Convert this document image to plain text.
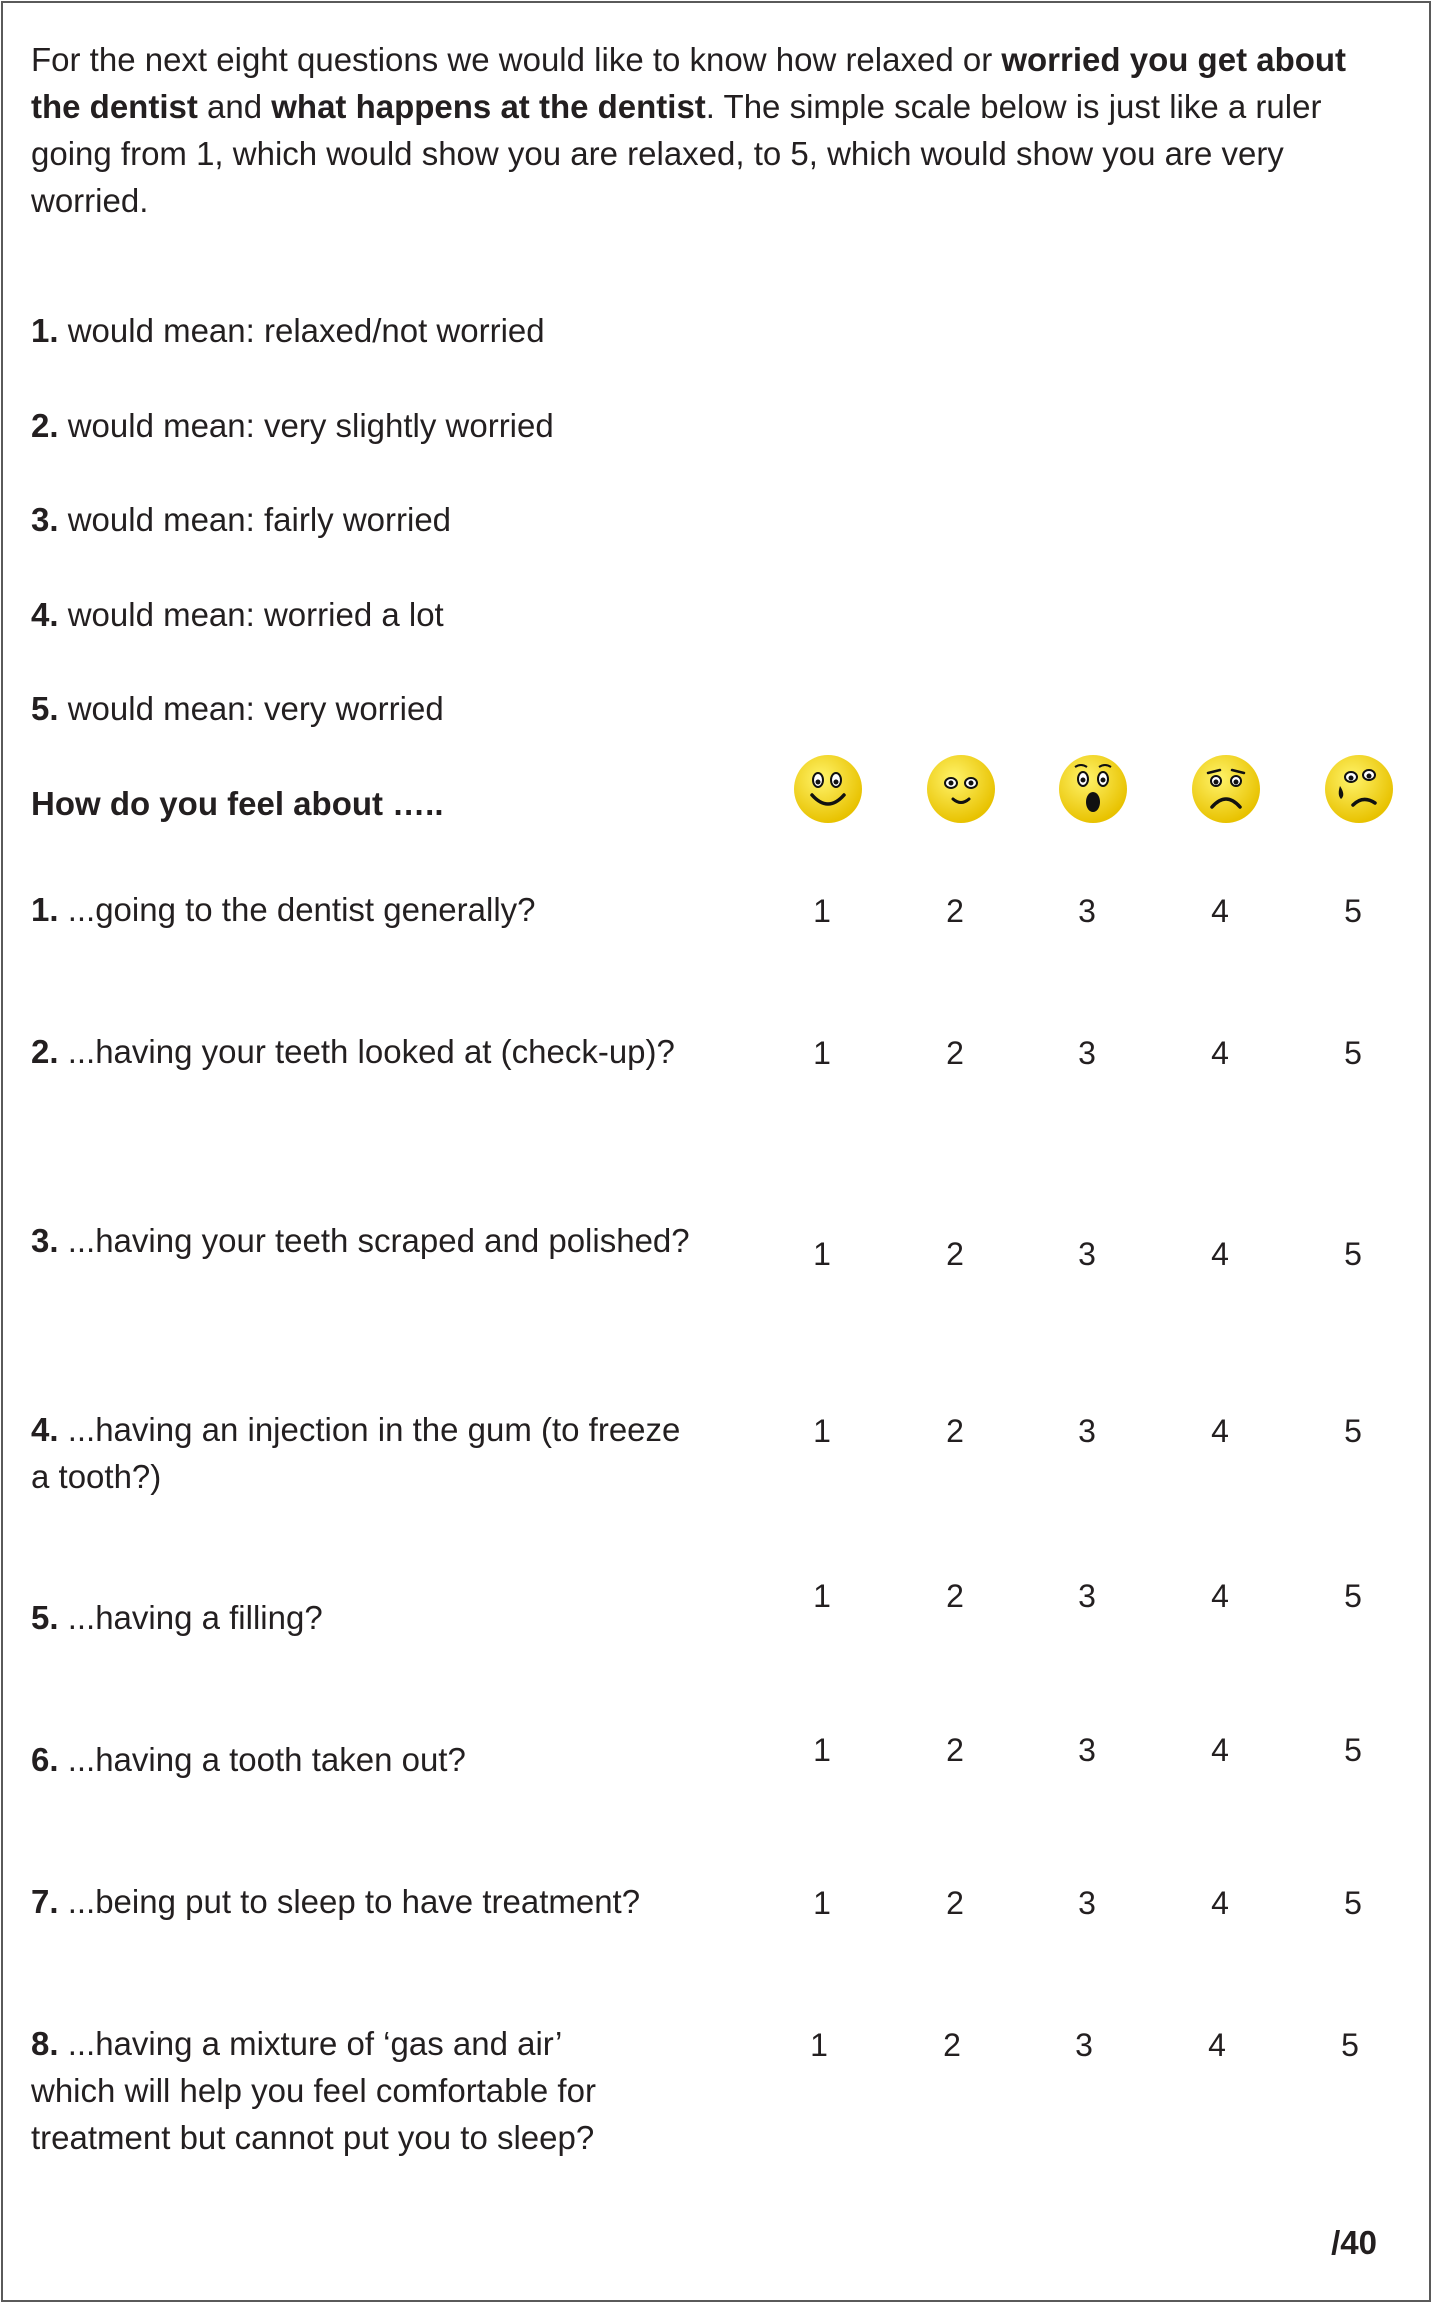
For the next eight questions we would like to know how relaxed or worried you get about the dentist and what happens at the dentist. The simple scale below is just like a ruler going from 1, which would show you are relaxed, to 5, which would show you are very worried.

1. would mean: relaxed/not worried

2. would mean: very slightly worried

3. would mean: fairly worried

4. would mean: worried a lot

5. would mean: very worried

How do you feel about …..

1. ...going to the dentist generally?	1	2	3	4	5

2. ...having your teeth looked at (check-up)?	1	2	3	4	5

3. ...having your teeth scraped and polished?	1	2	3	4	5

4. ...having an injection in the gum (to freeze a tooth?)

1	2	3	4	5

5. ...having a filling?

1	2	3	4	5

6. ...having a tooth taken out?	1	2	3	4	5

7. ...being put to sleep to have treatment?	1	2	3	4	5

8. ...having a mixture of ‘gas and air’ which will help you feel comfortable for treatment but cannot put you to sleep?

1	2	3	4	5
/40
